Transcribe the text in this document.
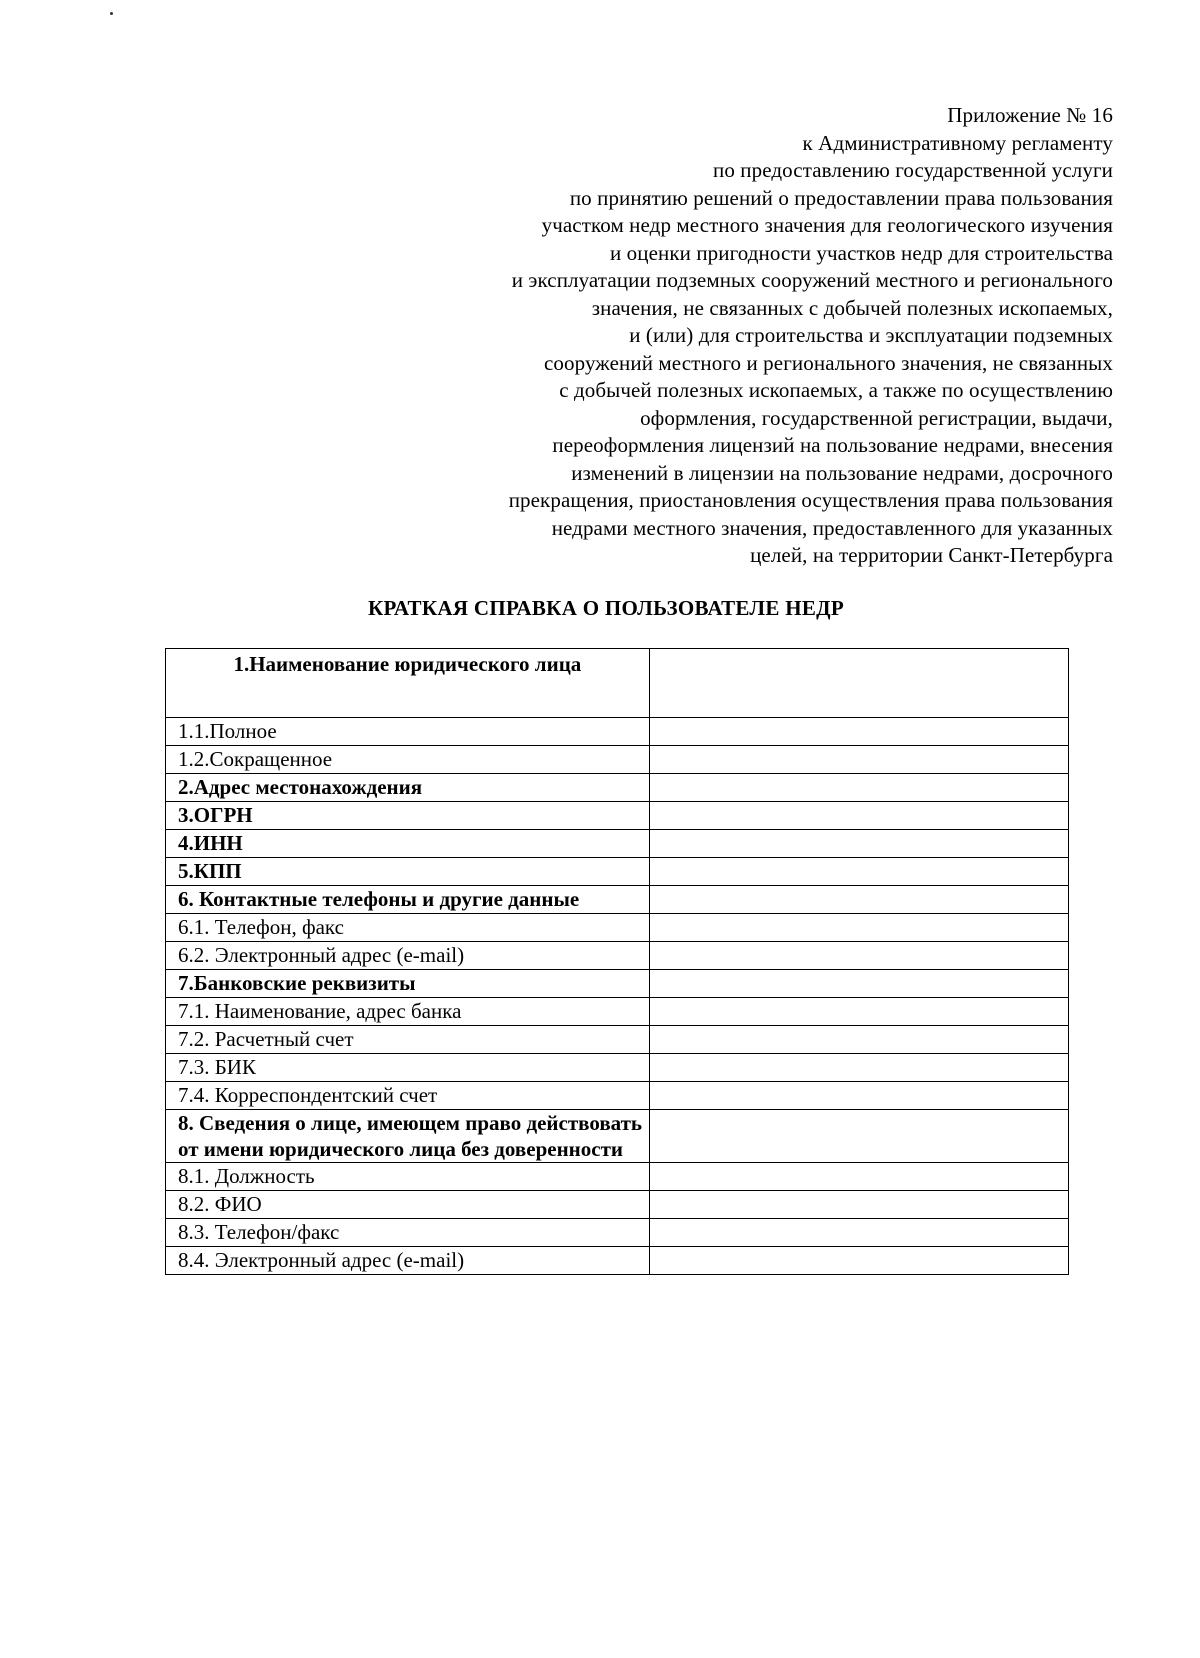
Приложение № 16
к Административному регламенту
по предоставлению государственной услуги
по принятию решений о предоставлении права пользования
участком недр местного значения для геологического изучения
и оценки пригодности участков недр для строительства
и эксплуатации подземных сооружений местного и регионального
значения, не связанных с добычей полезных ископаемых,
и (или) для строительства и эксплуатации подземных
сооружений местного и регионального значения, не связанных
с добычей полезных ископаемых, а также по осуществлению
оформления, государственной регистрации, выдачи,
переоформления лицензий на пользование недрами, внесения
изменений в лицензии на пользование недрами, досрочного
прекращения, приостановления осуществления права пользования
недрами местного значения, предоставленного для указанных
целей, на территории Санкт-Петербурга
КРАТКАЯ СПРАВКА О ПОЛЬЗОВАТЕЛЕ НЕДР
1.Наименование юридического лица	
1.1.Полное	
1.2.Сокращенное	
2.Адрес местонахождения	
3.ОГРН	
4.ИНН	
5.КПП	
6. Контактные телефоны и другие данные	
6.1. Телефон, факс	
6.2. Электронный адрес (e-mail)	
7.Банковские реквизиты	
7.1. Наименование, адрес банка	
7.2. Расчетный счет	
7.3. БИК	
7.4. Корреспондентский счет	
8. Сведения о лице, имеющем право действовать от имени юридического лица без доверенности	
8.1. Должность	
8.2. ФИО	
8.3. Телефон/факс	
8.4. Электронный адрес (e-mail)	
